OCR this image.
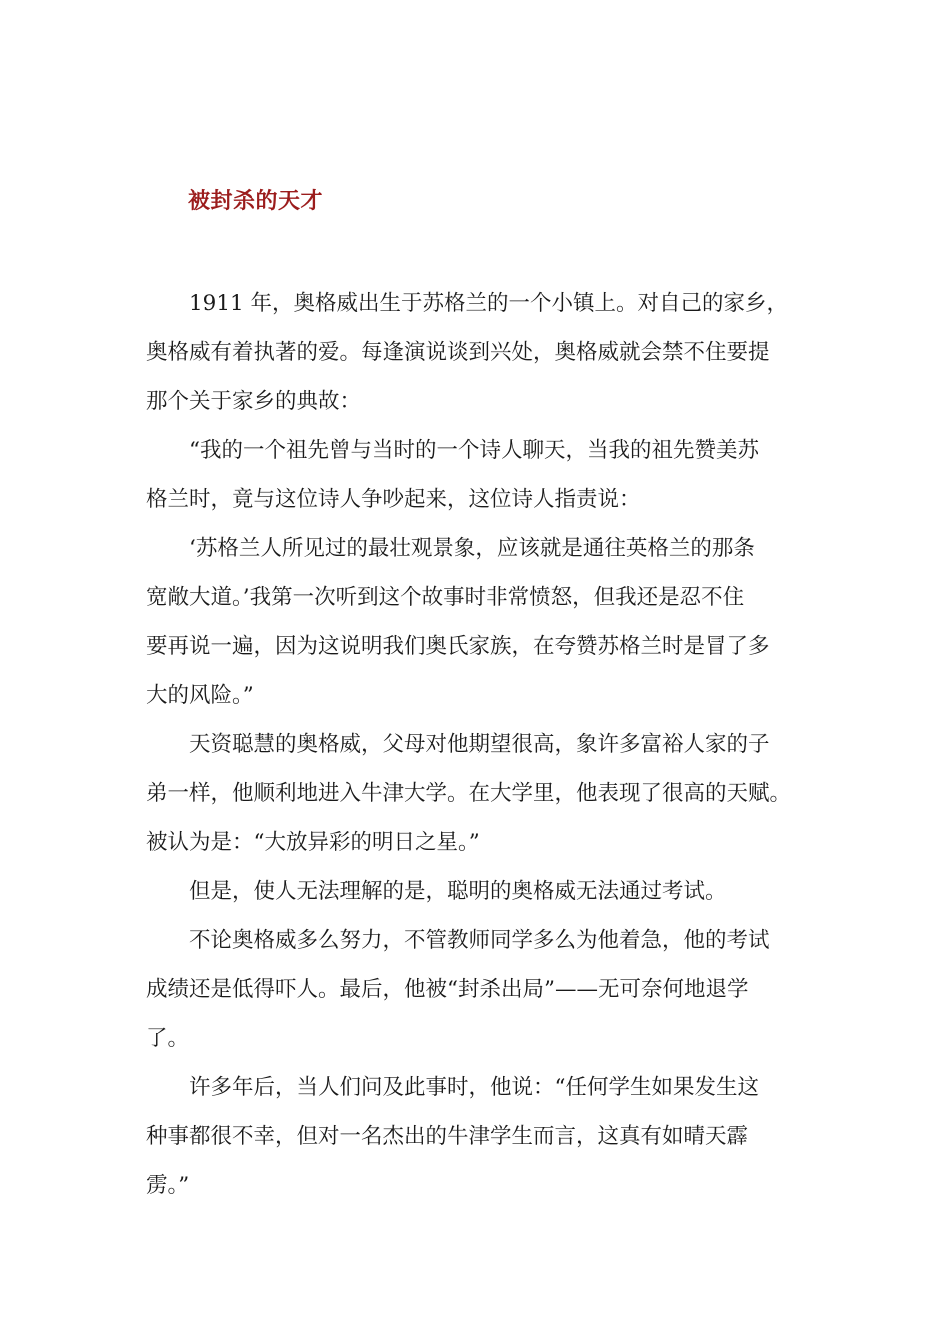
被封杀的天才
1911 年，奥格威出生于苏格兰的一个小镇上。对自己的家乡，
奥格威有着执著的爱。每逢演说谈到兴处，奥格威就会禁不住要提
那个关于家乡的典故：
“我的一个祖先曾与当时的一个诗人聊天，当我的祖先赞美苏
格兰时，竟与这位诗人争吵起来，这位诗人指责说：
‘苏格兰人所见过的最壮观景象，应该就是通往英格兰的那条
宽敞大道。’我第一次听到这个故事时非常愤怒，但我还是忍不住
要再说一遍，因为这说明我们奥氏家族，在夸赞苏格兰时是冒了多
大的风险。”
天资聪慧的奥格威，父母对他期望很高，象许多富裕人家的子
弟一样，他顺利地进入牛津大学。在大学里，他表现了很高的天赋。
被认为是：“大放异彩的明日之星。”
但是，使人无法理解的是，聪明的奥格威无法通过考试。
不论奥格威多么努力，不管教师同学多么为他着急，他的考试
成绩还是低得吓人。最后，他被“封杀出局”——无可奈何地退学
了。
许多年后，当人们问及此事时，他说：“任何学生如果发生这
种事都很不幸，但对一名杰出的牛津学生而言，这真有如晴天霹
雳。”
